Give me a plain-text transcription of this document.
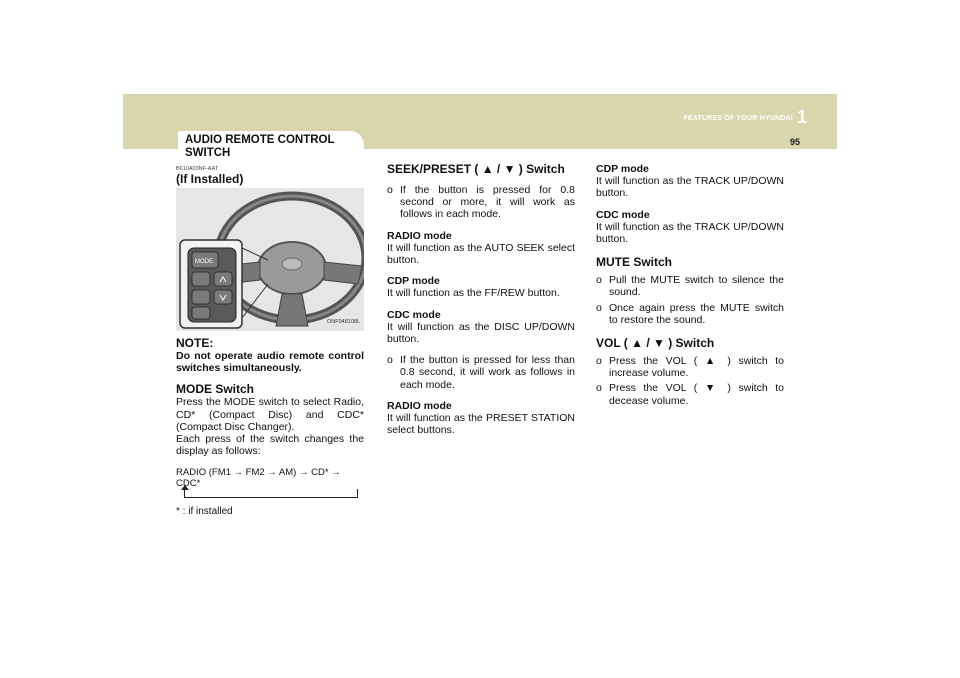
FEATURES OF YOUR HYUNDAI 1
95
AUDIO REMOTE CONTROL SWITCH
B610A03NF-AAT
(If Installed)
MODE
ONF048108L
NOTE:
Do not operate audio remote control switches simultaneously.
MODE Switch
Press the MODE switch to select Radio, CD* (Compact Disc) and CDC* (Compact Disc Changer).
Each press of the switch changes the display as follows:
RADIO (FM1 → FM2 → AM) → CD* → CDC*
* : if installed
SEEK/PRESET ( ▲ / ▼ ) Switch
o If the button is pressed for 0.8 second or more, it will work as follows in each mode.
RADIO mode
It will function as the AUTO SEEK select button.
CDP mode
It will function as the FF/REW button.
CDC mode
It will function as the DISC UP/DOWN button.
o If the button is pressed for less than 0.8 second, it will work as follows in each mode.
RADIO mode
It will function as the PRESET STATION select buttons.
CDP mode
It will function as the TRACK UP/DOWN button.
CDC mode
It will function as the TRACK UP/DOWN button.
MUTE Switch
o Pull the MUTE switch to silence the sound.
o Once again press the MUTE switch to restore the sound.
VOL ( ▲ / ▼ ) Switch
o Press the VOL ( ▲ ) switch to increase volume.
o Press the VOL ( ▼ ) switch to decease volume.
